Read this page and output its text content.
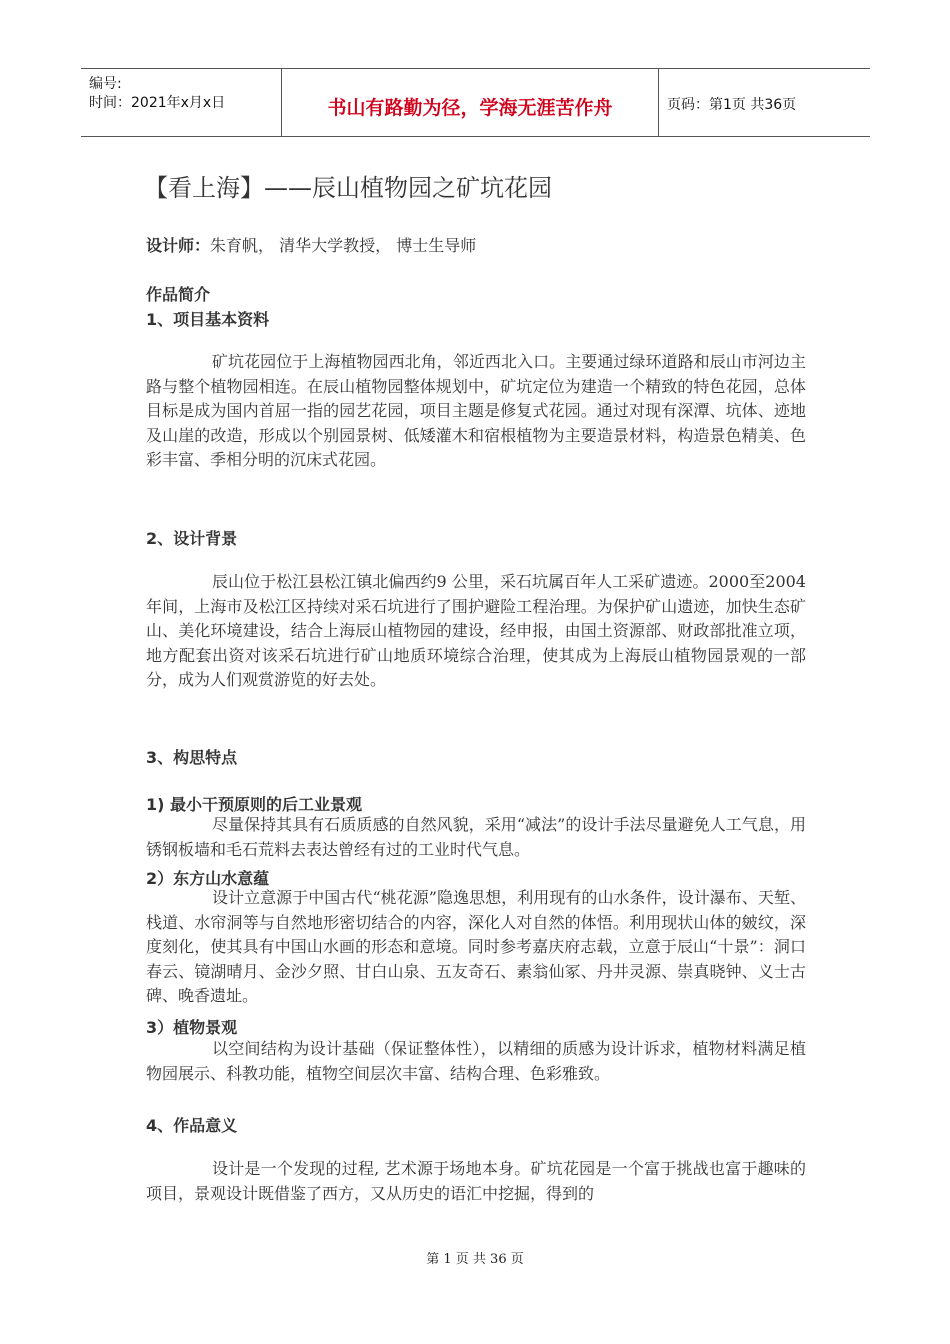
编号:
时间：2021年x月x日	书山有路勤为径，学海无涯苦作舟	页码：第1页 共36页
【看上海】——辰山植物园之矿坑花园
设计师：朱育帆， 清华大学教授， 博士生导师
作品简介
1、项目基本资料
矿坑花园位于上海植物园西北角，邻近西北入口。主要通过绿环道路和辰山市河边主路与整个植物园相连。在辰山植物园整体规划中，矿坑定位为建造一个精致的特色花园，总体目标是成为国内首屈一指的园艺花园，项目主题是修复式花园。通过对现有深潭、坑体、迹地及山崖的改造，形成以个别园景树、低矮灌木和宿根植物为主要造景材料，构造景色精美、色彩丰富、季相分明的沉床式花园。
2、设计背景
辰山位于松江县松江镇北偏西约9 公里，采石坑属百年人工采矿遗迹。2000至2004年间，上海市及松江区持续对采石坑进行了围护避险工程治理。为保护矿山遗迹，加快生态矿山、美化环境建设，结合上海辰山植物园的建设，经申报，由国土资源部、财政部批准立项，地方配套出资对该采石坑进行矿山地质环境综合治理，使其成为上海辰山植物园景观的一部分，成为人们观赏游览的好去处。
3、构思特点
1) 最小干预原则的后工业景观
尽量保持其具有石质质感的自然风貌，采用“减法”的设计手法尽量避免人工气息，用锈钢板墙和毛石荒料去表达曾经有过的工业时代气息。
2）东方山水意蕴
设计立意源于中国古代“桃花源”隐逸思想，利用现有的山水条件，设计瀑布、天堑、栈道、水帘洞等与自然地形密切结合的内容，深化人对自然的体悟。利用现状山体的皴纹，深度刻化，使其具有中国山水画的形态和意境。同时参考嘉庆府志载，立意于辰山“十景”：洞口春云、镜湖晴月、金沙夕照、甘白山泉、五友奇石、素翁仙冢、丹井灵源、崇真晓钟、义士古碑、晚香遗址。
3）植物景观
以空间结构为设计基础（保证整体性），以精细的质感为设计诉求，植物材料满足植物园展示、科教功能，植物空间层次丰富、结构合理、色彩雅致。
4、作品意义
设计是一个发现的过程, 艺术源于场地本身。矿坑花园是一个富于挑战也富于趣味的项目，景观设计既借鉴了西方，又从历史的语汇中挖掘，得到的
第 1 页 共 36 页
